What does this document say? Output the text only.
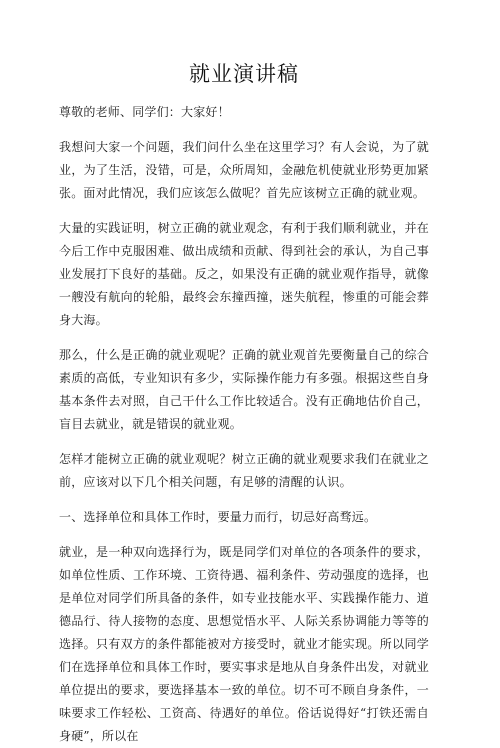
就业演讲稿

尊敬的老师、同学们：大家好！

我想问大家一个问题，我们问什么坐在这里学习？有人会说，为了就业，为了生活，没错，可是，众所周知，金融危机使就业形势更加紧张。面对此情况，我们应该怎么做呢？首先应该树立正确的就业观。

大量的实践证明，树立正确的就业观念，有利于我们顺利就业，并在今后工作中克服困难、做出成绩和贡献、得到社会的承认，为自己事业发展打下良好的基础。反之，如果没有正确的就业观作指导，就像一艘没有航向的轮船，最终会东撞西撞，迷失航程，惨重的可能会葬身大海。

那么，什么是正确的就业观呢？正确的就业观首先要衡量自己的综合素质的高低，专业知识有多少，实际操作能力有多强。根据这些自身基本条件去对照，自己干什么工作比较适合。没有正确地估价自己，盲目去就业，就是错误的就业观。

怎样才能树立正确的就业观呢？树立正确的就业观要求我们在就业之前，应该对以下几个相关问题，有足够的清醒的认识。

一、选择单位和具体工作时，要量力而行，切忌好高骛远。

就业，是一种双向选择行为，既是同学们对单位的各项条件的要求，如单位性质、工作环境、工资待遇、福利条件、劳动强度的选择，也是单位对同学们所具备的条件，如专业技能水平、实践操作能力、道德品行、待人接物的态度、思想觉悟水平、人际关系协调能力等等的选择。只有双方的条件都能被对方接受时，就业才能实现。所以同学们在选择单位和具体工作时，要实事求是地从自身条件出发，对就业单位提出的要求，要选择基本一致的单位。切不可不顾自身条件，一味要求工作轻松、工资高、待遇好的单位。俗话说得好“打铁还需自身硬”，所以在
